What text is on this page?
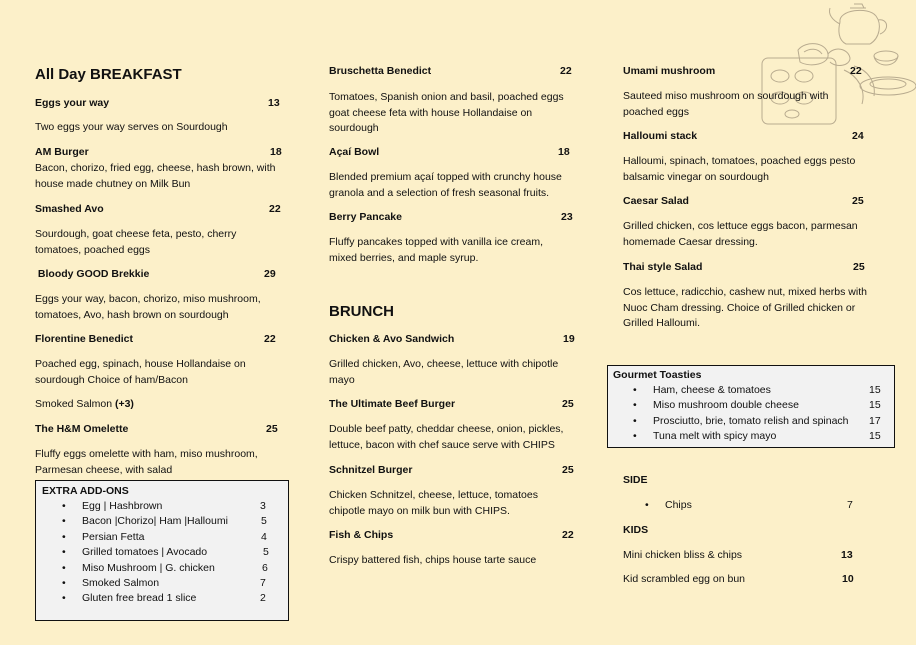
All Day BREAKFAST
Eggs your way	13
Two eggs your way serves on Sourdough
AM Burger	18
Bacon, chorizo, fried egg, cheese, hash brown, with house made chutney on Milk Bun
Smashed Avo	22
Sourdough, goat cheese feta, pesto, cherry tomatoes, poached eggs
Bloody GOOD Brekkie	29
Eggs your way, bacon, chorizo, miso mushroom, tomatoes, Avo, hash brown on sourdough
Florentine Benedict	22
Poached egg, spinach, house Hollandaise on sourdough Choice of ham/Bacon
Smoked Salmon (+3)
The H&M Omelette	25
Fluffy eggs omelette with ham, miso mushroom, Parmesan cheese, with salad
EXTRA ADD-ONS
• Egg | Hashbrown	3
• Bacon |Chorizo| Ham |Halloumi	5
• Persian Fetta	4
• Grilled tomatoes | Avocado	5
• Miso Mushroom | G. chicken	6
• Smoked Salmon	7
• Gluten free bread 1 slice	2
Bruschetta Benedict	22
Tomatoes, Spanish onion and basil, poached eggs goat cheese feta with house Hollandaise on sourdough
Açaí Bowl	18
Blended premium açaí topped with crunchy house granola and a selection of fresh seasonal fruits.
Berry Pancake	23
Fluffy pancakes topped with vanilla ice cream, mixed berries, and maple syrup.
BRUNCH
Chicken & Avo Sandwich	19
Grilled chicken, Avo, cheese, lettuce with chipotle mayo
The Ultimate Beef Burger	25
Double beef patty, cheddar cheese, onion, pickles, lettuce, bacon with chef sauce serve with CHIPS
Schnitzel Burger	25
Chicken Schnitzel, cheese, lettuce, tomatoes chipotle mayo on milk bun with CHIPS.
Fish & Chips	22
Crispy battered fish, chips house tarte sauce
Umami mushroom	22
Sauteed miso mushroom on sourdough with poached eggs
Halloumi stack	24
Halloumi, spinach, tomatoes, poached eggs pesto balsamic vinegar on sourdough
Caesar Salad	25
Grilled chicken, cos lettuce eggs bacon, parmesan homemade Caesar dressing.
Thai style Salad	25
Cos lettuce, radicchio, cashew nut, mixed herbs with Nuoc Cham dressing. Choice of Grilled chicken or Grilled Halloumi.
Gourmet Toasties
• Ham, cheese & tomatoes	15
• Miso mushroom double cheese	15
• Prosciutto, brie, tomato relish and spinach 17
• Tuna melt with spicy mayo	15
SIDE
• Chips	7
KIDS
Mini chicken bliss & chips	13
Kid scrambled egg on bun	10
